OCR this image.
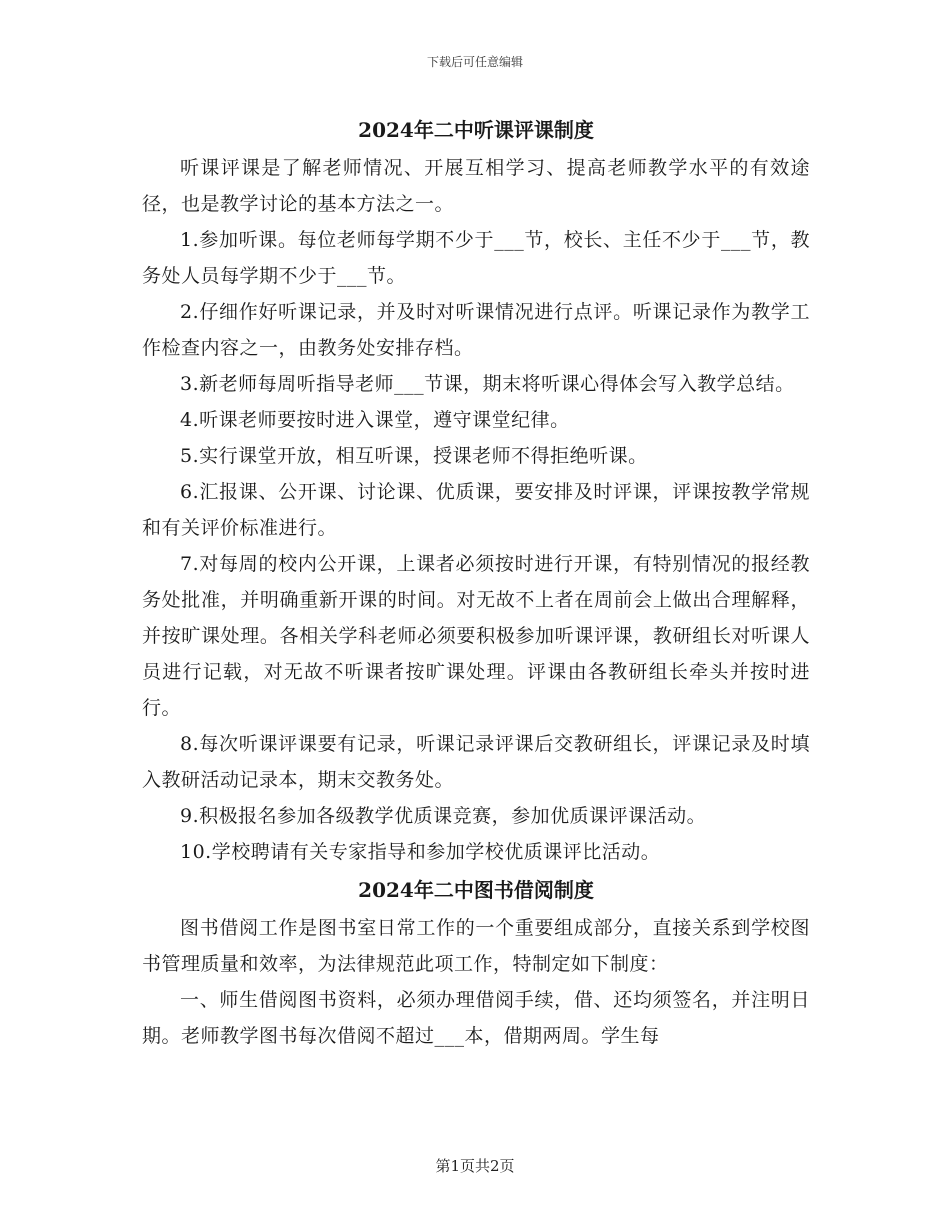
下载后可任意编辑
2024年二中听课评课制度

听课评课是了解老师情况、开展互相学习、提高老师教学水平的有效途径，也是教学讨论的基本方法之一。

1.参加听课。每位老师每学期不少于___节，校长、主任不少于___节，教务处人员每学期不少于___节。

2.仔细作好听课记录，并及时对听课情况进行点评。听课记录作为教学工作检查内容之一，由教务处安排存档。

3.新老师每周听指导老师___节课，期末将听课心得体会写入教学总结。

4.听课老师要按时进入课堂，遵守课堂纪律。

5.实行课堂开放，相互听课，授课老师不得拒绝听课。

6.汇报课、公开课、讨论课、优质课，要安排及时评课，评课按教学常规和有关评价标准进行。

7.对每周的校内公开课，上课者必须按时进行开课，有特别情况的报经教务处批准，并明确重新开课的时间。对无故不上者在周前会上做出合理解释，并按旷课处理。各相关学科老师必须要积极参加听课评课，教研组长对听课人员进行记载，对无故不听课者按旷课处理。评课由各教研组长牵头并按时进行。

8.每次听课评课要有记录，听课记录评课后交教研组长，评课记录及时填入教研活动记录本，期末交教务处。

9.积极报名参加各级教学优质课竞赛，参加优质课评课活动。

10.学校聘请有关专家指导和参加学校优质课评比活动。

2024年二中图书借阅制度

图书借阅工作是图书室日常工作的一个重要组成部分，直接关系到学校图书管理质量和效率，为法律规范此项工作，特制定如下制度：

一、师生借阅图书资料，必须办理借阅手续，借、还均须签名，并注明日期。老师教学图书每次借阅不超过___本，借期两周。学生每

第1页共2页
